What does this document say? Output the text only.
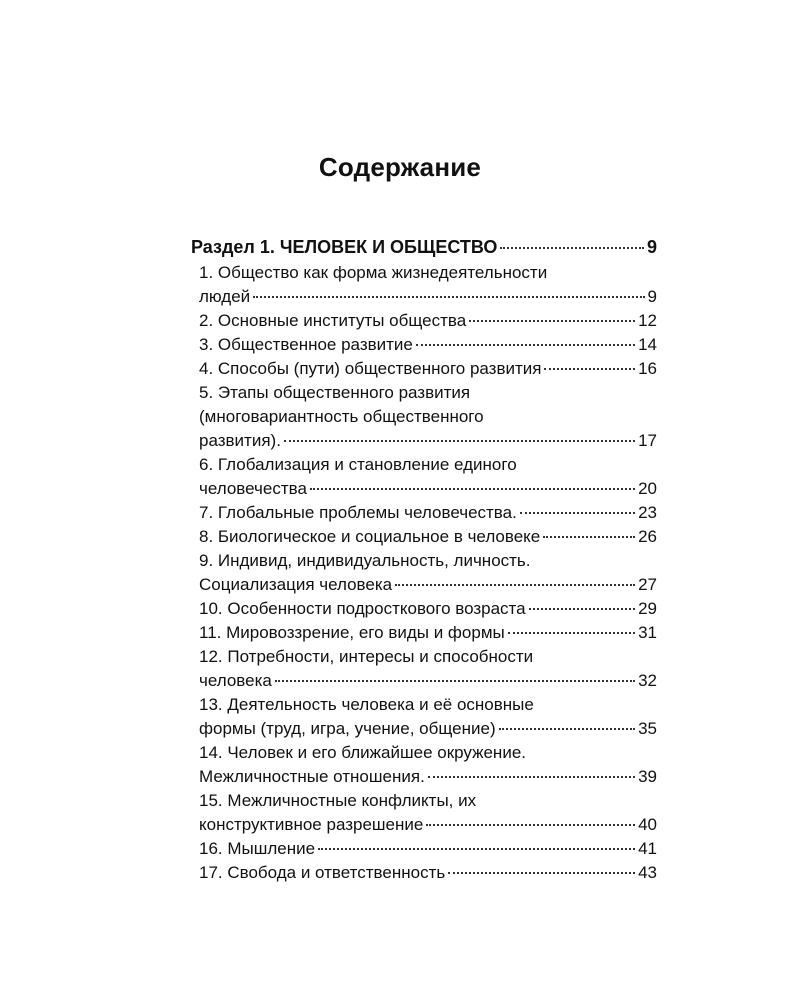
Содержание
Раздел 1. ЧЕЛОВЕК И ОБЩЕСТВО	9
1. Общество как форма жизнедеятельности
людей	9
2. Основные институты общества	12
3. Общественное развитие	14
4. Способы (пути) общественного развития	16
5. Этапы общественного развития
(многовариантность общественного
развития).	17
6. Глобализация и становление единого
человечества	20
7. Глобальные проблемы человечества.	23
8. Биологическое и социальное в человеке	26
9. Индивид, индивидуальность, личность.
Социализация человека	27
10. Особенности подросткового возраста	29
11. Мировоззрение, его виды и формы	31
12. Потребности, интересы и способности
человека	32
13. Деятельность человека и её основные
формы (труд, игра, учение, общение)	35
14. Человек и его ближайшее окружение.
Межличностные отношения.	39
15. Межличностные конфликты, их
конструктивное разрешение	40
16. Мышление	41
17. Свобода и ответственность	43
